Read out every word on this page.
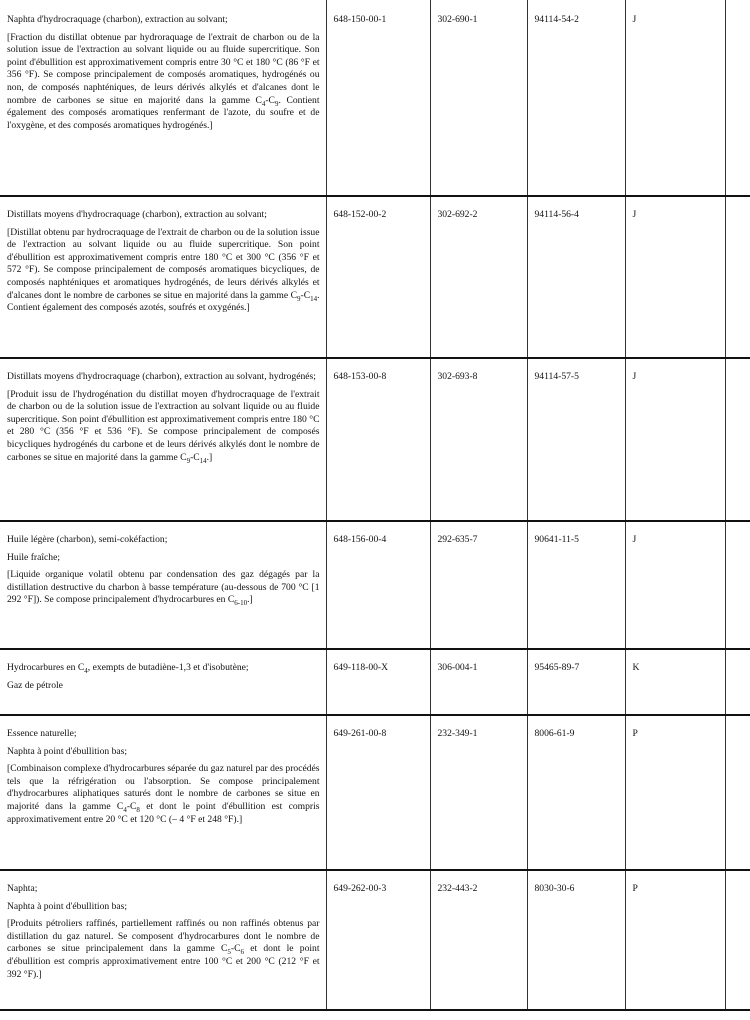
Naphta d'hydrocraquage (charbon), extraction au solvant;

[Fraction du distillat obtenue par hydroraquage de l'extrait de charbon ou de la solution issue de l'extraction au solvant liquide ou au fluide supercritique. Son point d'ébullition est approximativement compris entre 30 °C et 180 °C (86 °F et 356 °F). Se compose principalement de composés aromatiques, hydrogénés ou non, de composés naphténiques, de leurs dérivés alkylés et d'alcanes dont le nombre de carbones se situe en majorité dans la gamme $C_4-C_9$. Contient également des composés aromatiques renfermant de l'azote, du soufre et de l'oxygène, et des composés aromatiques hydrogénés.]	648-150-00-1	302-690-1	94114-54-2	J	

Distillats moyens d'hydrocraquage (charbon), extraction au solvant;

[Distillat obtenu par hydrocraquage de l'extrait de charbon ou de la solution issue de l'extraction au solvant liquide ou au fluide supercritique. Son point d'ébullition est approximativement compris entre 180 °C et 300 °C (356 °F et 572 °F). Se compose principalement de composés aromatiques bicycliques, de composés naphténiques et aromatiques hydrogénés, de leurs dérivés alkylés et d'alcanes dont le nombre de carbones se situe en majorité dans la gamme $C_9-C_{14}$. Contient également des composés azotés, soufrés et oxygénés.]	648-152-00-2	302-692-2	94114-56-4	J	

Distillats moyens d'hydrocraquage (charbon), extraction au solvant, hydrogénés;

[Produit issu de l'hydrogénation du distillat moyen d'hydrocraquage de l'extrait de charbon ou de la solution issue de l'extraction au solvant liquide ou au fluide supercritique. Son point d'ébullition est approximativement compris entre 180 °C et 280 °C (356 °F et 536 °F). Se compose principalement de composés bicycliques hydrogénés du carbone et de leurs dérivés alkylés dont le nombre de carbones se situe en majorité dans la gamme $C_9-C_{14}$.]	648-153-00-8	302-693-8	94114-57-5	J	

Huile légère (charbon), semi-cokéfaction;

Huile fraîche;

[Liquide organique volatil obtenu par condensation des gaz dégagés par la distillation destructive du charbon à basse température (au-dessous de 700 °C [1 292 °F]). Se compose principalement d'hydrocarbures en $C_{6-10}$.]	648-156-00-4	292-635-7	90641-11-5	J	

Hydrocarbures en $C_4$, exempts de butadiène-1,3 et d'isobutène;

Gaz de pétrole	649-118-00-X	306-004-1	95465-89-7	K	

Essence naturelle;

Naphta à point d'ébullition bas;

[Combinaison complexe d'hydrocarbures séparée du gaz naturel par des procédés tels que la réfrigération ou l'absorption. Se compose principalement d'hydrocarbures aliphatiques saturés dont le nombre de carbones se situe en majorité dans la gamme $C_4-C_8$ et dont le point d'ébullition est compris approximativement entre 20 °C et 120 °C (– 4 °F et 248 °F).]	649-261-00-8	232-349-1	8006-61-9	P	

Naphta;

Naphta à point d'ébullition bas;

[Produits pétroliers raffinés, partiellement raffinés ou non raffinés obtenus par distillation du gaz naturel. Se composent d'hydrocarbures dont le nombre de carbones se situe principalement dans la gamme $C_5-C_6$ et dont le point d'ébullition est compris approximativement entre 100 °C et 200 °C (212 °F et 392 °F).]	649-262-00-3	232-443-2	8030-30-6	P	
